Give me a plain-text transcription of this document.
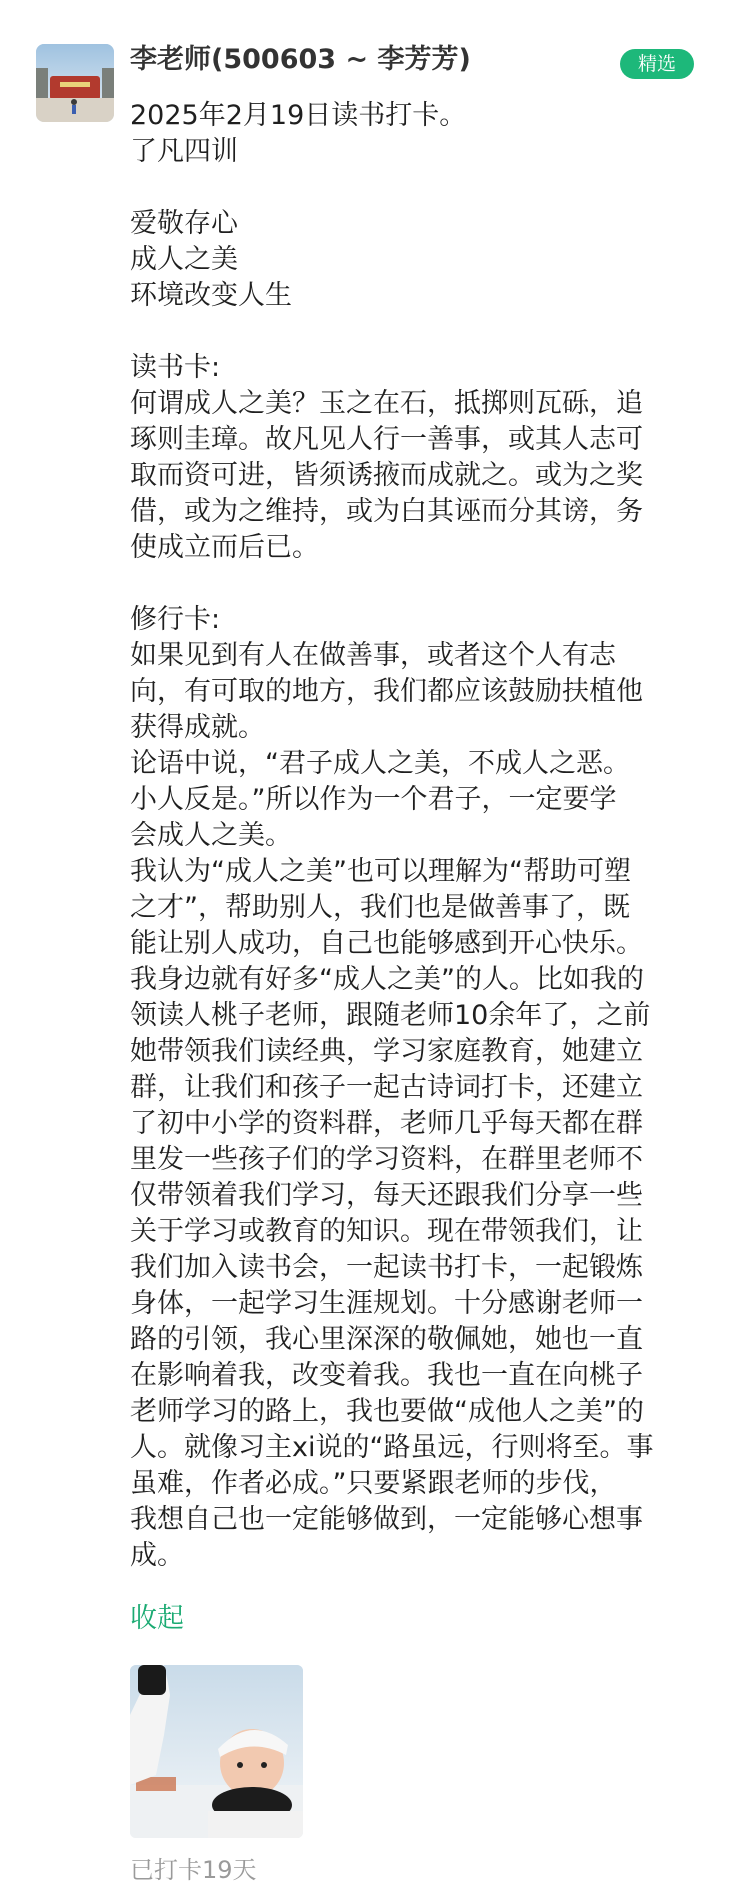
李老师(500603 ~ 李芳芳)	精选
2025年2月19日读书打卡。
了凡四训
爱敬存心
成人之美
环境改变人生
读书卡:
何谓成人之美？玉之在石，抵掷则瓦砾，追
琢则圭璋。故凡见人行一善事，或其人志可
取而资可进，皆须诱掖而成就之。或为之奖
借，或为之维持，或为白其诬而分其谤，务
使成立而后已。
修行卡:
如果见到有人在做善事，或者这个人有志
向，有可取的地方，我们都应该鼓励扶植他
获得成就。
论语中说，“君子成人之美，不成人之恶。
小人反是。”所以作为一个君子，一定要学
会成人之美。
我认为“成人之美”也可以理解为“帮助可塑
之才”，帮助别人，我们也是做善事了，既
能让别人成功，自己也能够感到开心快乐。
我身边就有好多“成人之美”的人。比如我的
领读人桃子老师，跟随老师10余年了，之前
她带领我们读经典，学习家庭教育，她建立
群，让我们和孩子一起古诗词打卡，还建立
了初中小学的资料群，老师几乎每天都在群
里发一些孩子们的学习资料，在群里老师不
仅带领着我们学习，每天还跟我们分享一些
关于学习或教育的知识。现在带领我们，让
我们加入读书会，一起读书打卡，一起锻炼
身体，一起学习生涯规划。十分感谢老师一
路的引领，我心里深深的敬佩她，她也一直
在影响着我，改变着我。我也一直在向桃子
老师学习的路上，我也要做“成他人之美”的
人。就像习主xi说的“路虽远，行则将至。事
虽难，作者必成。”只要紧跟老师的步伐，
我想自己也一定能够做到，一定能够心想事
成。
收起
已打卡19天
